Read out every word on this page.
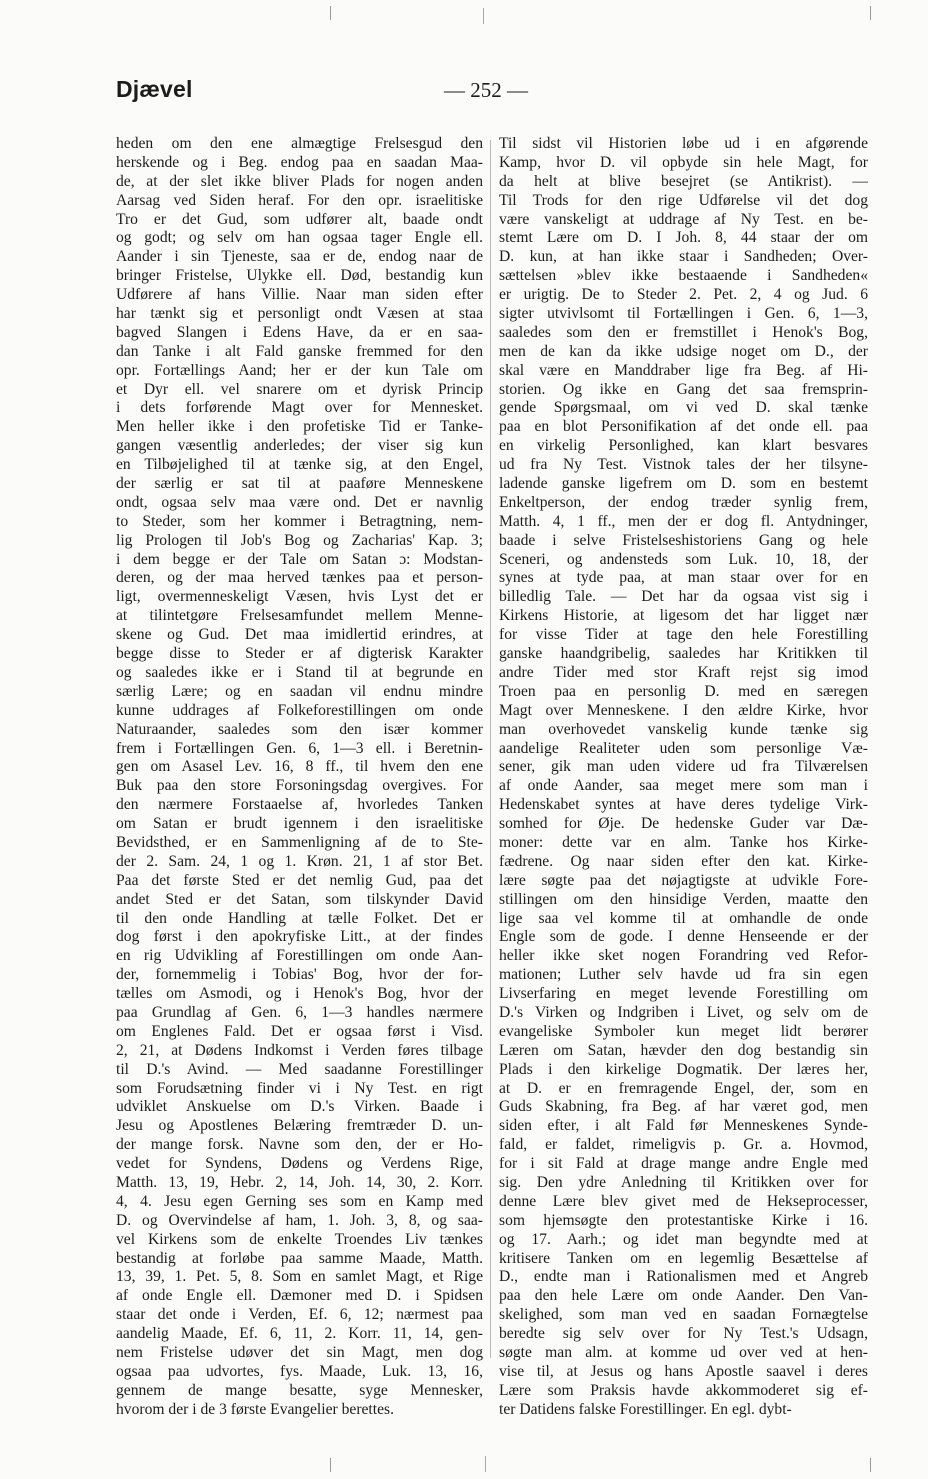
Djævel	— 252 —
heden om den ene almægtige Frelsesgud den
herskende og i Beg. endog paa en saadan Maa-
de, at der slet ikke bliver Plads for nogen anden
Aarsag ved Siden heraf. For den opr. israelitiske
Tro er det Gud, som udfører alt, baade ondt
og godt; og selv om han ogsaa tager Engle ell.
Aander i sin Tjeneste, saa er de, endog naar de
bringer Fristelse, Ulykke ell. Død, bestandig kun
Udførere af hans Villie. Naar man siden efter
har tænkt sig et personligt ondt Væsen at staa
bagved Slangen i Edens Have, da er en saa-
dan Tanke i alt Fald ganske fremmed for den
opr. Fortællings Aand; her er der kun Tale om
et Dyr ell. vel snarere om et dyrisk Princip
i dets forførende Magt over for Mennesket.
Men heller ikke i den profetiske Tid er Tanke-
gangen væsentlig anderledes; der viser sig kun
en Tilbøjelighed til at tænke sig, at den Engel,
der særlig er sat til at paaføre Menneskene
ondt, ogsaa selv maa være ond. Det er navnlig
to Steder, som her kommer i Betragtning, nem-
lig Prologen til Job's Bog og Zacharias' Kap. 3;
i dem begge er der Tale om Satan ɔ: Modstan-
deren, og der maa herved tænkes paa et person-
ligt, overmenneskeligt Væsen, hvis Lyst det er
at tilintetgøre Frelsesamfundet mellem Menne-
skene og Gud. Det maa imidlertid erindres, at
begge disse to Steder er af digterisk Karakter
og saaledes ikke er i Stand til at begrunde en
særlig Lære; og en saadan vil endnu mindre
kunne uddrages af Folkeforestillingen om onde
Naturaander, saaledes som den især kommer
frem i Fortællingen Gen. 6, 1—3 ell. i Beretnin-
gen om Asasel Lev. 16, 8 ff., til hvem den ene
Buk paa den store Forsoningsdag overgives. For
den nærmere Forstaaelse af, hvorledes Tanken
om Satan er brudt igennem i den israelitiske
Bevidsthed, er en Sammenligning af de to Ste-
der 2. Sam. 24, 1 og 1. Krøn. 21, 1 af stor Bet.
Paa det første Sted er det nemlig Gud, paa det
andet Sted er det Satan, som tilskynder David
til den onde Handling at tælle Folket. Det er
dog først i den apokryfiske Litt., at der findes
en rig Udvikling af Forestillingen om onde Aan-
der, fornemmelig i Tobias' Bog, hvor der for-
tælles om Asmodi, og i Henok's Bog, hvor der
paa Grundlag af Gen. 6, 1—3 handles nærmere
om Englenes Fald. Det er ogsaa først i Visd.
2, 21, at Dødens Indkomst i Verden føres tilbage
til D.'s Avind. — Med saadanne Forestillinger
som Forudsætning finder vi i Ny Test. en rigt
udviklet Anskuelse om D.'s Virken. Baade i
Jesu og Apostlenes Belæring fremtræder D. un-
der mange forsk. Navne som den, der er Ho-
vedet for Syndens, Dødens og Verdens Rige,
Matth. 13, 19, Hebr. 2, 14, Joh. 14, 30, 2. Korr.
4, 4. Jesu egen Gerning ses som en Kamp med
D. og Overvindelse af ham, 1. Joh. 3, 8, og saa-
vel Kirkens som de enkelte Troendes Liv tænkes
bestandig at forløbe paa samme Maade, Matth.
13, 39, 1. Pet. 5, 8. Som en samlet Magt, et Rige
af onde Engle ell. Dæmoner med D. i Spidsen
staar det onde i Verden, Ef. 6, 12; nærmest paa
aandelig Maade, Ef. 6, 11, 2. Korr. 11, 14, gen-
nem Fristelse udøver det sin Magt, men dog
ogsaa paa udvortes, fys. Maade, Luk. 13, 16,
gennem de mange besatte, syge Mennesker,
hvorom der i de 3 første Evangelier berettes.
Til sidst vil Historien løbe ud i en afgørende
Kamp, hvor D. vil opbyde sin hele Magt, for
da helt at blive besejret (se Antikrist). —
Til Trods for den rige Udførelse vil det dog
være vanskeligt at uddrage af Ny Test. en be-
stemt Lære om D. I Joh. 8, 44 staar der om
D. kun, at han ikke staar i Sandheden; Over-
sættelsen »blev ikke bestaaende i Sandheden«
er urigtig. De to Steder 2. Pet. 2, 4 og Jud. 6
sigter utvivlsomt til Fortællingen i Gen. 6, 1—3,
saaledes som den er fremstillet i Henok's Bog,
men de kan da ikke udsige noget om D., der
skal være en Manddraber lige fra Beg. af Hi-
storien. Og ikke en Gang det saa fremsprin-
gende Spørgsmaal, om vi ved D. skal tænke
paa en blot Personifikation af det onde ell. paa
en virkelig Personlighed, kan klart besvares
ud fra Ny Test. Vistnok tales der her tilsyne-
ladende ganske ligefrem om D. som en bestemt
Enkeltperson, der endog træder synlig frem,
Matth. 4, 1 ff., men der er dog fl. Antydninger,
baade i selve Fristelseshistoriens Gang og hele
Sceneri, og andensteds som Luk. 10, 18, der
synes at tyde paa, at man staar over for en
billedlig Tale. — Det har da ogsaa vist sig i
Kirkens Historie, at ligesom det har ligget nær
for visse Tider at tage den hele Forestilling
ganske haandgribelig, saaledes har Kritikken til
andre Tider med stor Kraft rejst sig imod
Troen paa en personlig D. med en særegen
Magt over Menneskene. I den ældre Kirke, hvor
man overhovedet vanskelig kunde tænke sig
aandelige Realiteter uden som personlige Væ-
sener, gik man uden videre ud fra Tilværelsen
af onde Aander, saa meget mere som man i
Hedenskabet syntes at have deres tydelige Virk-
somhed for Øje. De hedenske Guder var Dæ-
moner: dette var en alm. Tanke hos Kirke-
fædrene. Og naar siden efter den kat. Kirke-
lære søgte paa det nøjagtigste at udvikle Fore-
stillingen om den hinsidige Verden, maatte den
lige saa vel komme til at omhandle de onde
Engle som de gode. I denne Henseende er der
heller ikke sket nogen Forandring ved Refor-
mationen; Luther selv havde ud fra sin egen
Livserfaring en meget levende Forestilling om
D.'s Virken og Indgriben i Livet, og selv om de
evangeliske Symboler kun meget lidt berører
Læren om Satan, hævder den dog bestandig sin
Plads i den kirkelige Dogmatik. Der læres her,
at D. er en fremragende Engel, der, som en
Guds Skabning, fra Beg. af har været god, men
siden efter, i alt Fald før Menneskenes Synde-
fald, er faldet, rimeligvis p. Gr. a. Hovmod,
for i sit Fald at drage mange andre Engle med
sig. Den ydre Anledning til Kritikken over for
denne Lære blev givet med de Hekseprocesser,
som hjemsøgte den protestantiske Kirke i 16.
og 17. Aarh.; og idet man begyndte med at
kritisere Tanken om en legemlig Besættelse af
D., endte man i Rationalismen med et Angreb
paa den hele Lære om onde Aander. Den Van-
skelighed, som man ved en saadan Fornægtelse
beredte sig selv over for Ny Test.'s Udsagn,
søgte man alm. at komme ud over ved at hen-
vise til, at Jesus og hans Apostle saavel i deres
Lære som Praksis havde akkommoderet sig ef-
ter Datidens falske Forestillinger. En egl. dybt-
